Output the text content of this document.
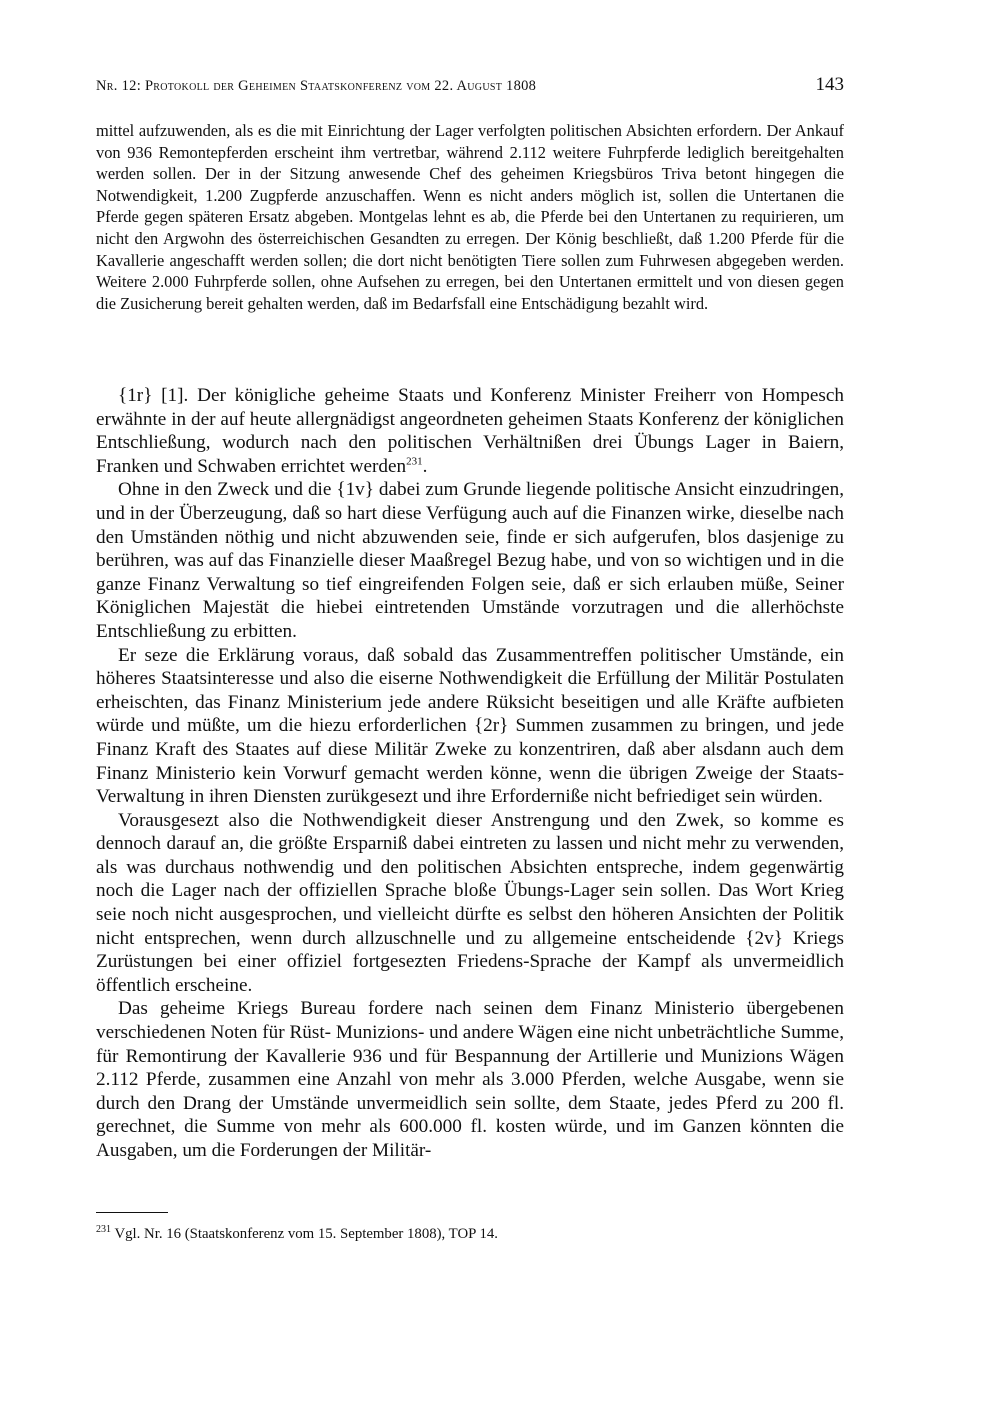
Nr. 12: Protokoll der Geheimen Staatskonferenz vom 22. August 1808	143

mittel aufzuwenden, als es die mit Einrichtung der Lager verfolgten politischen Absichten erfordern. Der Ankauf von 936 Remontepferden erscheint ihm vertretbar, während 2.112 weitere Fuhrpferde lediglich bereitgehalten werden sollen. Der in der Sitzung anwesende Chef des geheimen Kriegsbüros Triva betont hingegen die Notwendigkeit, 1.200 Zugpferde anzuschaffen. Wenn es nicht anders möglich ist, sollen die Untertanen die Pferde gegen späteren Ersatz abgeben. Montgelas lehnt es ab, die Pferde bei den Untertanen zu requirieren, um nicht den Argwohn des österreichischen Gesandten zu erregen. Der König beschließt, daß 1.200 Pferde für die Kavallerie angeschafft werden sollen; die dort nicht benötigten Tiere sollen zum Fuhrwesen abgegeben werden. Weitere 2.000 Fuhrpferde sollen, ohne Aufsehen zu erregen, bei den Untertanen ermittelt und von diesen gegen die Zusicherung bereit gehalten werden, daß im Bedarfsfall eine Entschädigung bezahlt wird.

{1r} [1]. Der königliche geheime Staats und Konferenz Minister Freiherr von Hompesch erwähnte in der auf heute allergnädigst angeordneten geheimen Staats Konferenz der königlichen Entschließung, wodurch nach den politischen Verhältnißen drei Übungs Lager in Baiern, Franken und Schwaben errichtet werden$^{231}$.

Ohne in den Zweck und die {1v} dabei zum Grunde liegende politische Ansicht einzudringen, und in der Überzeugung, daß so hart diese Verfügung auch auf die Finanzen wirke, dieselbe nach den Umständen nöthig und nicht abzuwenden seie, finde er sich aufgerufen, blos dasjenige zu berühren, was auf das Finanzielle dieser Maaßregel Bezug habe, und von so wichtigen und in die ganze Finanz Verwaltung so tief eingreifenden Folgen seie, daß er sich erlauben müße, Seiner Königlichen Majestät die hiebei eintretenden Umstände vorzutragen und die allerhöchste Entschließung zu erbitten.

Er seze die Erklärung voraus, daß sobald das Zusammentreffen politischer Umstände, ein höheres Staatsinteresse und also die eiserne Nothwendigkeit die Erfüllung der Militär Postulaten erheischten, das Finanz Ministerium jede andere Rüksicht beseitigen und alle Kräfte aufbieten würde und müßte, um die hiezu erforderlichen {2r} Summen zusammen zu bringen, und jede Finanz Kraft des Staates auf diese Militär Zweke zu konzentriren, daß aber alsdann auch dem Finanz Ministerio kein Vorwurf gemacht werden könne, wenn die übrigen Zweige der Staats-Verwaltung in ihren Diensten zurükgesezt und ihre Erforderniße nicht befriediget sein würden.

Vorausgesezt also die Nothwendigkeit dieser Anstrengung und den Zwek, so komme es dennoch darauf an, die größte Ersparniß dabei eintreten zu lassen und nicht mehr zu verwenden, als was durchaus nothwendig und den politischen Absichten entspreche, indem gegenwärtig noch die Lager nach der offiziellen Sprache bloße Übungs-Lager sein sollen. Das Wort Krieg seie noch nicht ausgesprochen, und vielleicht dürfte es selbst den höheren Ansichten der Politik nicht entsprechen, wenn durch allzuschnelle und zu allgemeine entscheidende {2v} Kriegs Zurüstungen bei einer offiziel fortgesezten Friedens-Sprache der Kampf als unvermeidlich öffentlich erscheine.

Das geheime Kriegs Bureau fordere nach seinen dem Finanz Ministerio übergebenen verschiedenen Noten für Rüst- Munizions- und andere Wägen eine nicht unbeträchtliche Summe, für Remontirung der Kavallerie 936 und für Bespannung der Artillerie und Munizions Wägen 2.112 Pferde, zusammen eine Anzahl von mehr als 3.000 Pferden, welche Ausgabe, wenn sie durch den Drang der Umstände unvermeidlich sein sollte, dem Staate, jedes Pferd zu 200 fl. gerechnet, die Summe von mehr als 600.000 fl. kosten würde, und im Ganzen könnten die Ausgaben, um die Forderungen der Militär-

$^{231}$ Vgl. Nr. 16 (Staatskonferenz vom 15. September 1808), TOP 14.
